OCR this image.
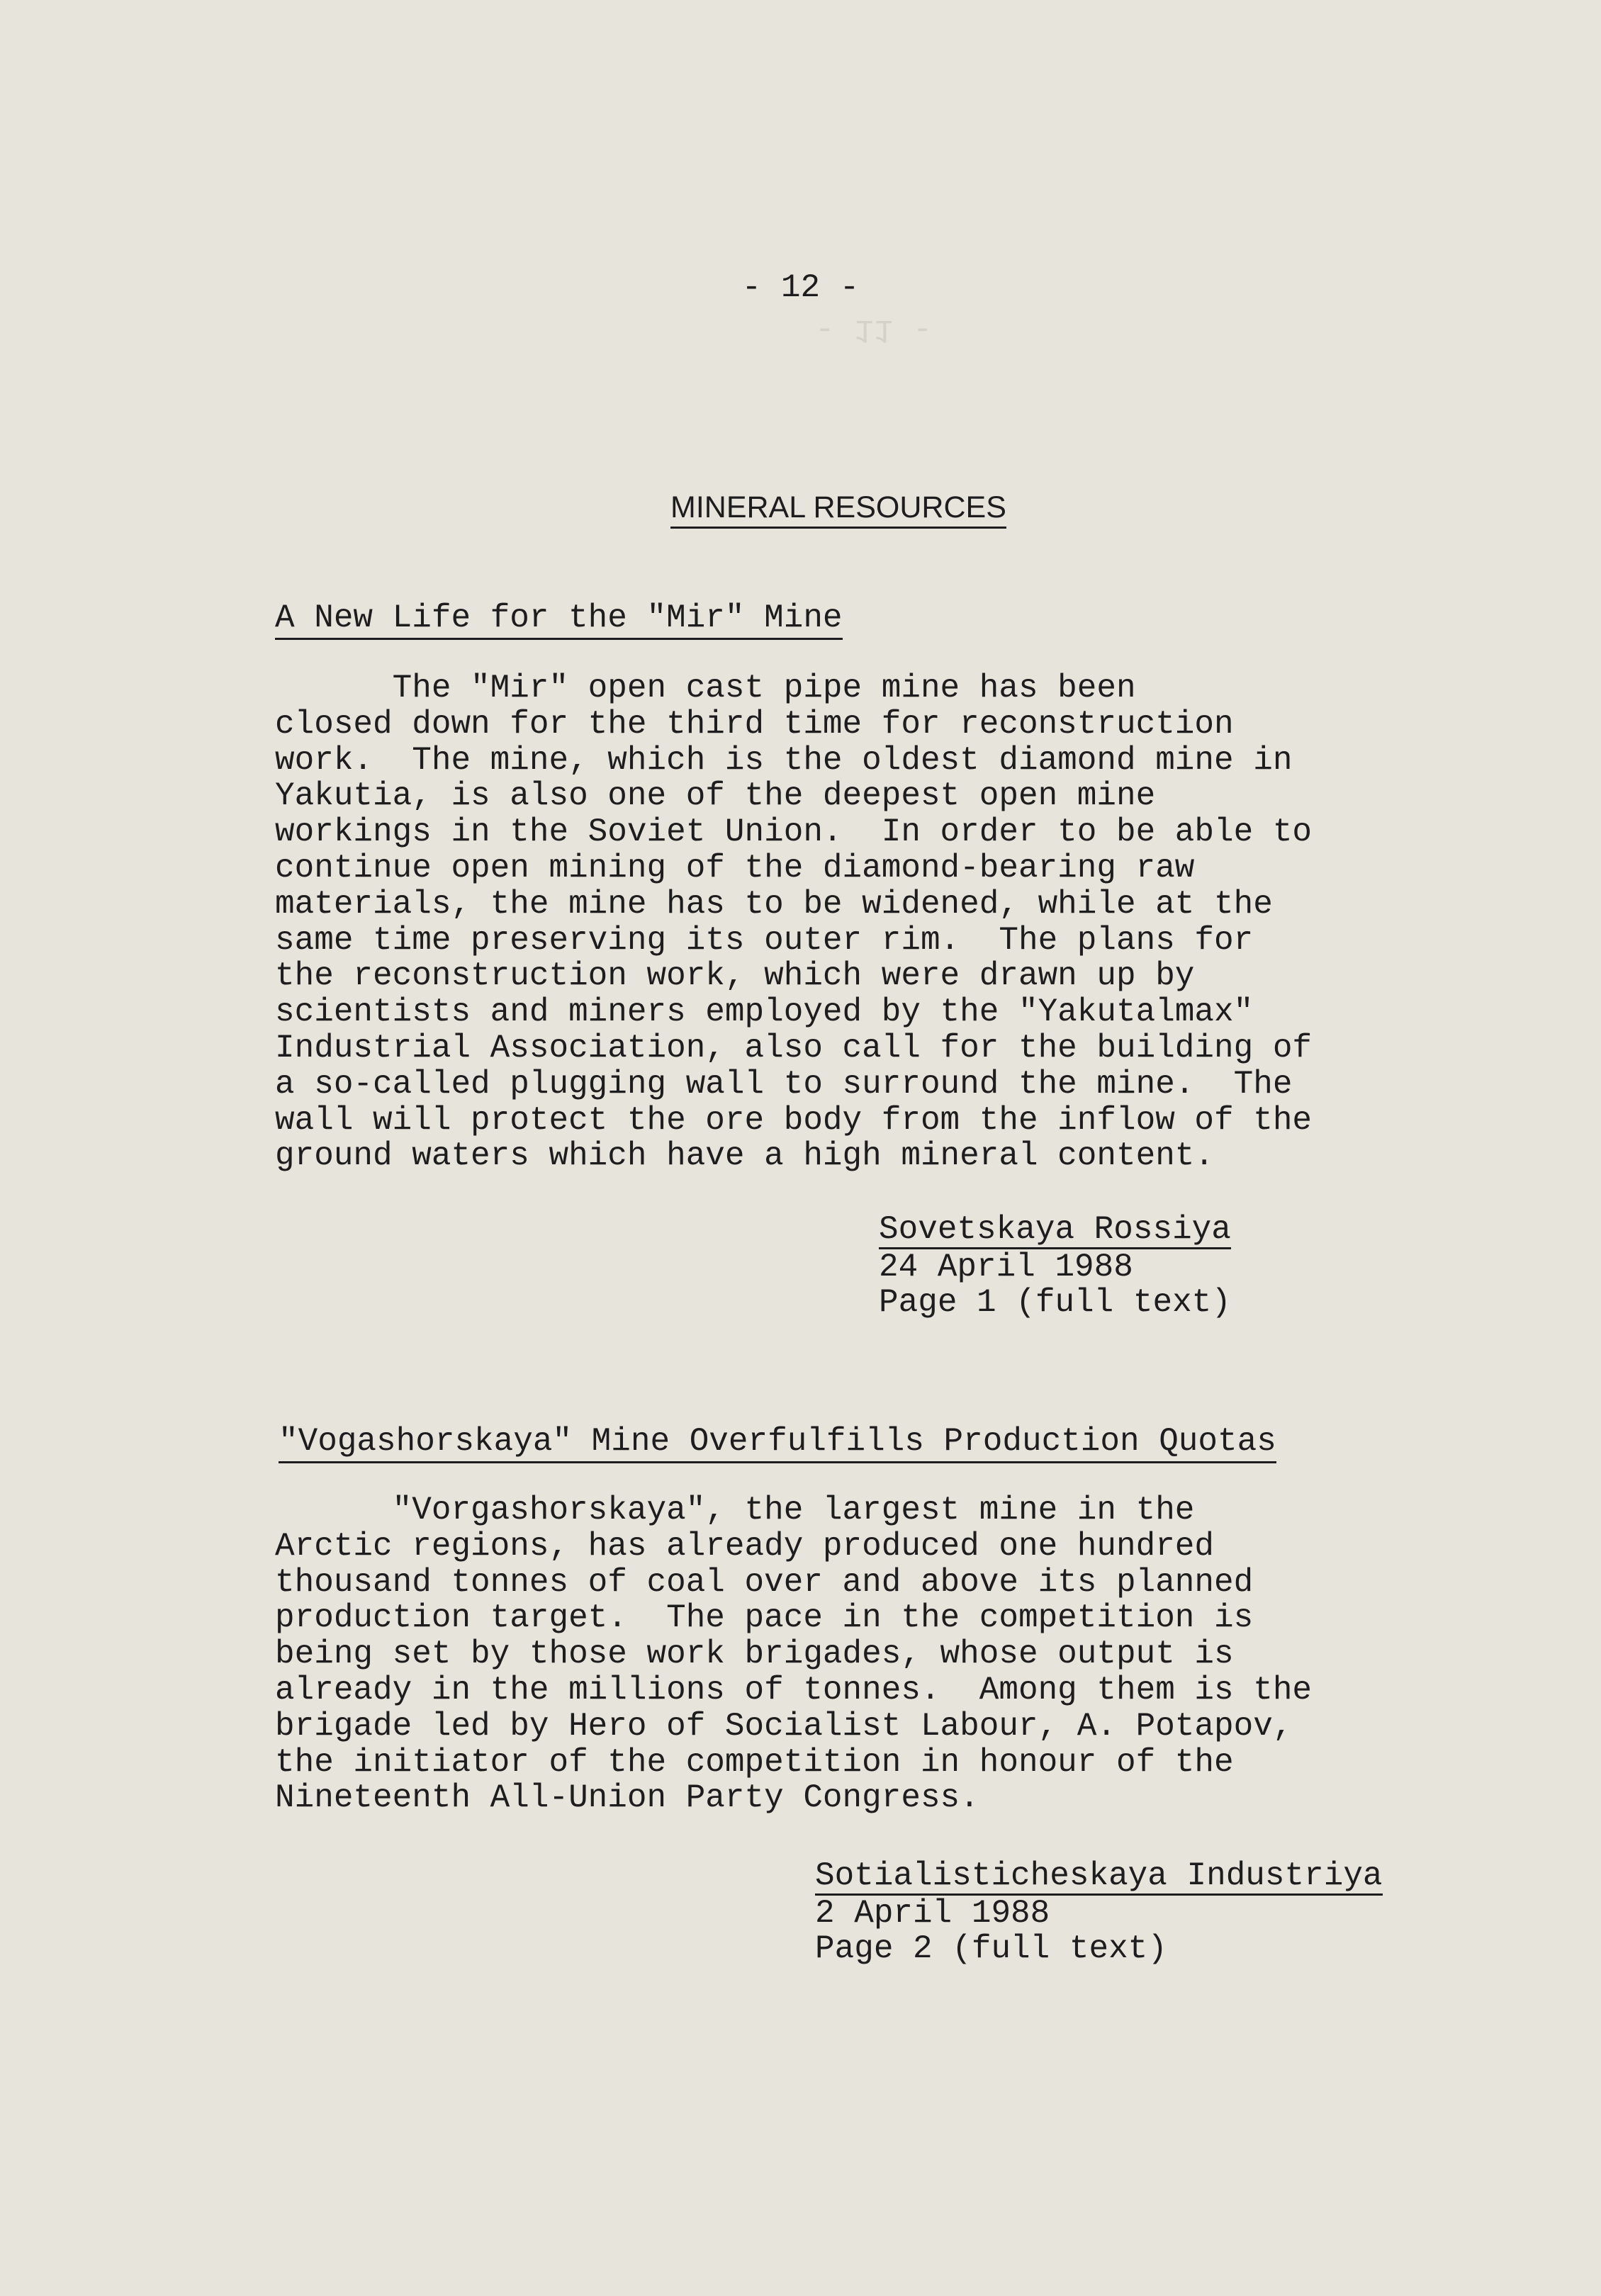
- 11 -
- 12 -
MINERAL RESOURCES
A New Life for the "Mir" Mine
The "Mir" open cast pipe mine has been
closed down for the third time for reconstruction
work.  The mine, which is the oldest diamond mine in
Yakutia, is also one of the deepest open mine
workings in the Soviet Union.  In order to be able to
continue open mining of the diamond-bearing raw
materials, the mine has to be widened, while at the
same time preserving its outer rim.  The plans for
the reconstruction work, which were drawn up by
scientists and miners employed by the "Yakutalmax"
Industrial Association, also call for the building of
a so-called plugging wall to surround the mine.  The
wall will protect the ore body from the inflow of the
ground waters which have a high mineral content.
Sovetskaya Rossiya
24 April 1988
Page 1 (full text)
"Vogashorskaya" Mine Overfulfills Production Quotas
"Vorgashorskaya", the largest mine in the
Arctic regions, has already produced one hundred
thousand tonnes of coal over and above its planned
production target.  The pace in the competition is
being set by those work brigades, whose output is
already in the millions of tonnes.  Among them is the
brigade led by Hero of Socialist Labour, A. Potapov,
the initiator of the competition in honour of the
Nineteenth All-Union Party Congress.
Sotialisticheskaya Industriya
2 April 1988
Page 2 (full text)
